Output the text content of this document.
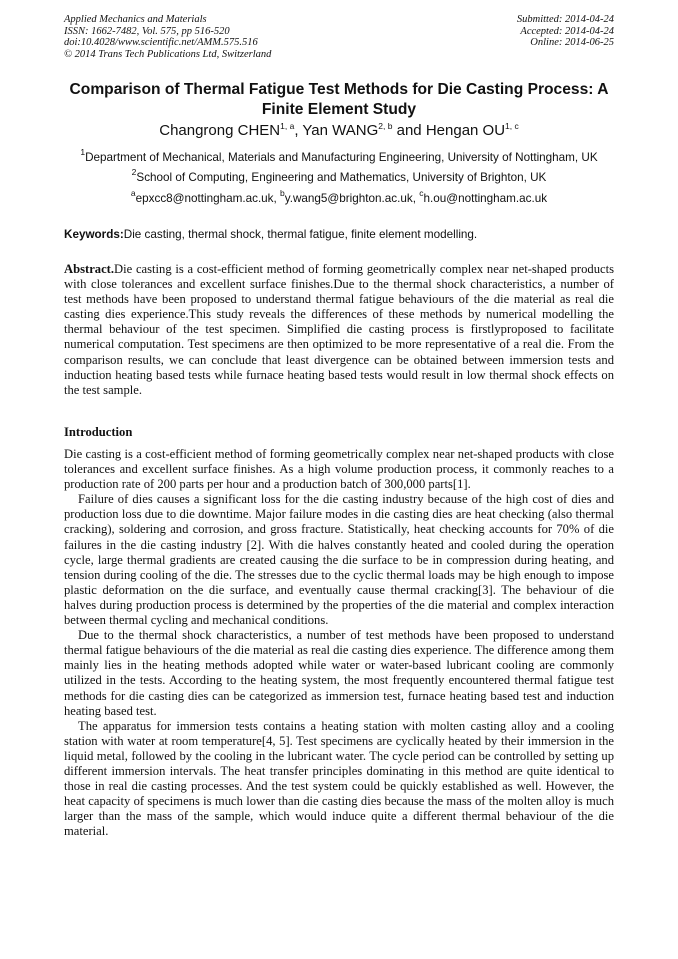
Applied Mechanics and Materials
ISSN: 1662-7482, Vol. 575, pp 516-520
doi:10.4028/www.scientific.net/AMM.575.516
© 2014 Trans Tech Publications Ltd, Switzerland
Submitted: 2014-04-24
Accepted: 2014-04-24
Online: 2014-06-25
Comparison of Thermal Fatigue Test Methods for Die Casting Process: A Finite Element Study
Changrong CHEN$^{1, a}$, Yan WANG$^{2, b}$ and Hengan OU$^{1, c}$
$^1$Department of Mechanical, Materials and Manufacturing Engineering, University of Nottingham, UK
$^2$School of Computing, Engineering and Mathematics, University of Brighton, UK
$^a$epxcc8@nottingham.ac.uk, $^b$y.wang5@brighton.ac.uk, $^c$h.ou@nottingham.ac.uk
Keywords:Die casting, thermal shock, thermal fatigue, finite element modelling.

Abstract.Die casting is a cost-efficient method of forming geometrically complex near net-shaped products with close tolerances and excellent surface finishes.Due to the thermal shock characteristics, a number of test methods have been proposed to understand thermal fatigue behaviours of the die material as real die casting dies experience.This study reveals the differences of these methods by numerical modelling the thermal behaviour of the test specimen. Simplified die casting process is firstlyproposed to facilitate numerical computation. Test specimens are then optimized to be more representative of a real die. From the comparison results, we can conclude that least divergence can be obtained between immersion tests and induction heating based tests while furnace heating based tests would result in low thermal shock effects on the test sample.

Introduction

Die casting is a cost-efficient method of forming geometrically complex near net-shaped products with close tolerances and excellent surface finishes. As a high volume production process, it commonly reaches to a production rate of 200 parts per hour and a production batch of 300,000 parts[1].

Failure of dies causes a significant loss for the die casting industry because of the high cost of dies and production loss due to die downtime. Major failure modes in die casting dies are heat checking (also thermal cracking), soldering and corrosion, and gross fracture. Statistically, heat checking accounts for 70% of die failures in the die casting industry [2]. With die halves constantly heated and cooled during the operation cycle, large thermal gradients are created causing the die surface to be in compression during heating, and tension during cooling of the die. The stresses due to the cyclic thermal loads may be high enough to impose plastic deformation on the die surface, and eventually cause thermal cracking[3]. The behaviour of die halves during production process is determined by the properties of the die material and complex interaction between thermal cycling and mechanical conditions.

Due to the thermal shock characteristics, a number of test methods have been proposed to understand thermal fatigue behaviours of the die material as real die casting dies experience. The difference among them mainly lies in the heating methods adopted while water or water-based lubricant cooling are commonly utilized in the tests. According to the heating system, the most frequently encountered thermal fatigue test methods for die casting dies can be categorized as immersion test, furnace heating based test and induction heating based test.

The apparatus for immersion tests contains a heating station with molten casting alloy and a cooling station with water at room temperature[4, 5]. Test specimens are cyclically heated by their immersion in the liquid metal, followed by the cooling in the lubricant water. The cycle period can be controlled by setting up different immersion intervals. The heat transfer principles dominating in this method are quite identical to those in real die casting processes. And the test system could be quickly established as well. However, the heat capacity of specimens is much lower than die casting dies because the mass of the molten alloy is much larger than the mass of the sample, which would induce quite a different thermal behaviour of the die material.
